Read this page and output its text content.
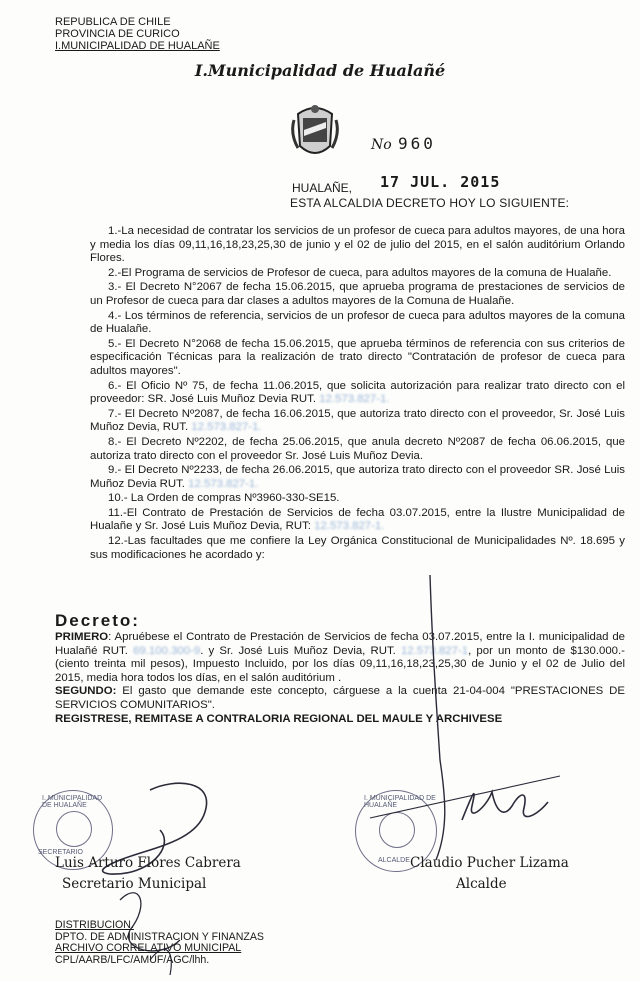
REPUBLICA DE CHILE
PROVINCIA DE CURICO
I.MUNICIPALIDAD DE HUALAÑE
I.Municipalidad de Hualañé
No 960
HUALAÑE, 17 JUL. 2015
ESTA ALCALDIA DECRETO HOY LO SIGUIENTE:

1.-La necesidad de contratar los servicios de un profesor de cueca para adultos mayores, de una hora y media los días 09,11,16,18,23,25,30 de junio y el 02 de julio del 2015, en el salón auditórium Orlando Flores.

2.-El Programa de servicios de Profesor de cueca, para adultos mayores de la comuna de Hualañe.

3.- El Decreto N°2067 de fecha 15.06.2015, que aprueba programa de prestaciones de servicios de un Profesor de cueca para dar clases a adultos mayores de la Comuna de Hualañe.

4.- Los términos de referencia, servicios de un profesor de cueca para adultos mayores de la comuna de Hualañe.

5.- El Decreto N°2068 de fecha 15.06.2015, que aprueba términos de referencia con sus criterios de especificación Técnicas para la realización de trato directo "Contratación de profesor de cueca para adultos mayores".

6.- El Oficio Nº 75, de fecha 11.06.2015, que solicita autorización para realizar trato directo con el proveedor: SR. José Luis Muñoz Devia RUT. 12.573.827-1.

7.- El Decreto Nº2087, de fecha 16.06.2015, que autoriza trato directo con el proveedor, Sr. José Luis Muñoz Devia, RUT. 12.573.827-1.

8.- El Decreto Nº2202, de fecha 25.06.2015, que anula decreto Nº2087 de fecha 06.06.2015, que autoriza trato directo con el proveedor Sr. José Luis Muñoz Devia.

9.- El Decreto Nº2233, de fecha 26.06.2015, que autoriza trato directo con el proveedor SR. José Luis Muñoz Devia RUT. 12.573.827-1.

10.- La Orden de compras Nº3960-330-SE15.

11.-El Contrato de Prestación de Servicios de fecha 03.07.2015, entre la Ilustre Municipalidad de Hualañe y Sr. José Luis Muñoz Devia, RUT: 12.573.827-1.

12.-Las facultades que me confiere la Ley Orgánica Constitucional de Municipalidades Nº. 18.695 y sus modificaciones he acordado y:

Decreto:

PRIMERO: Apruébese el Contrato de Prestación de Servicios de fecha 03.07.2015, entre la I. municipalidad de Hualañé RUT. 69.100.300-9. y Sr. José Luis Muñoz Devia, RUT. 12.573.827-1, por un monto de $130.000.- (ciento treinta mil pesos), Impuesto Incluido, por los días 09,11,16,18,23,25,30 de Junio y el 02 de Julio del 2015, media hora todos los días, en el salón auditórium .

SEGUNDO: El gasto que demande este concepto, cárguese a la cuenta 21-04-004 "PRESTACIONES DE SERVICIOS COMUNITARIOS".

REGISTRESE, REMITASE A CONTRALORIA REGIONAL DEL MAULE Y ARCHIVESE

I. MUNICIPALIDAD DE HUALAÑE
SECRETARIO
I. MUNICIPALIDAD DE HUALAÑE
ALCALDE
Luis Arturo Flores Cabrera
Secretario Municipal
Claudio Pucher Lizama
Alcalde
DISTRIBUCION.
DPTO. DE ADMINISTRACION Y FINANZAS
ARCHIVO CORRELATIVO MUNICIPAL
CPL/AARB/LFC/AMUF/AGC/lhh.
